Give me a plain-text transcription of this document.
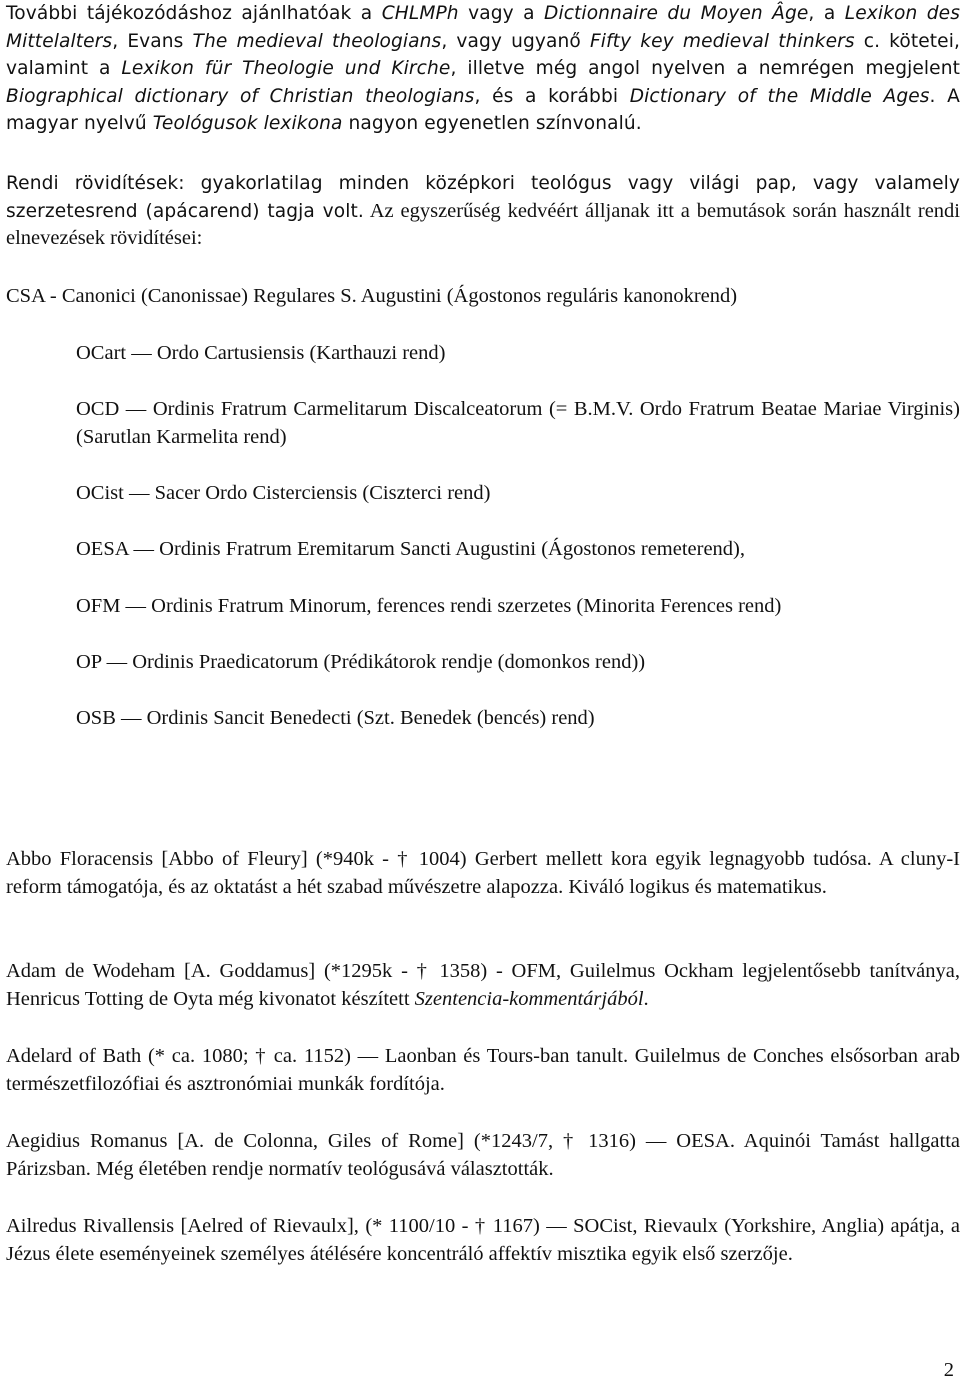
További tájékozódáshoz ajánlhatóak a CHLMPh vagy a Dictionnaire du Moyen Âge, a Lexikon des Mittelalters, Evans The medieval theologians, vagy ugyanő Fifty key medieval thinkers c. kötetei, valamint a Lexikon für Theologie und Kirche, illetve még angol nyelven a nemrégen megjelent Biographical dictionary of Christian theologians, és a korábbi Dictionary of the Middle Ages. A magyar nyelvű Teológusok lexikona nagyon egyenetlen színvonalú.

Rendi rövidítések: gyakorlatilag minden középkori teológus vagy világi pap, vagy valamely szerzetesrend (apácarend) tagja volt. Az egyszerűség kedvéért álljanak itt a bemutások során használt rendi elnevezések rövidítései:

CSA - Canonici (Canonissae) Regulares S. Augustini (Ágostonos reguláris kanonokrend)

OCart — Ordo Cartusiensis (Karthauzi rend)

OCD — Ordinis Fratrum Carmelitarum Discalceatorum (= B.M.V. Ordo Fratrum Beatae Mariae Virginis) (Sarutlan Karmelita rend)

OCist — Sacer Ordo Cisterciensis (Ciszterci rend)

OESA — Ordinis Fratrum Eremitarum Sancti Augustini (Ágostonos remeterend),

OFM — Ordinis Fratrum Minorum, ferences rendi szerzetes (Minorita Ferences rend)

OP — Ordinis Praedicatorum (Prédikátorok rendje (domonkos rend))

OSB — Ordinis Sancit Benedecti (Szt. Benedek (bencés) rend)

Abbo Floracensis [Abbo of Fleury] (*940k - † 1004) Gerbert mellett kora egyik legnagyobb tudósa. A cluny-I reform támogatója, és az oktatást a hét szabad művészetre alapozza. Kiváló logikus és matematikus.

Adam de Wodeham [A. Goddamus] (*1295k - † 1358) - OFM, Guilelmus Ockham legjelentősebb tanítványa, Henricus Totting de Oyta még kivonatot készített Szentencia-kommentárjából.

Adelard of Bath (* ca. 1080; † ca. 1152) — Laonban és Tours-ban tanult. Guilelmus de Conches elsősorban arab természetfilozófiai és asztronómiai munkák fordítója.

Aegidius Romanus [A. de Colonna, Giles of Rome] (*1243/7, † 1316) — OESA. Aquinói Tamást hallgatta Párizsban. Még életében rendje normatív teológusává választották.

Ailredus Rivallensis [Aelred of Rievaulx], (* 1100/10 - † 1167) — SOCist, Rievaulx (Yorkshire, Anglia) apátja, a Jézus élete eseményeinek személyes átélésére koncentráló affektív misztika egyik első szerzője.

2
